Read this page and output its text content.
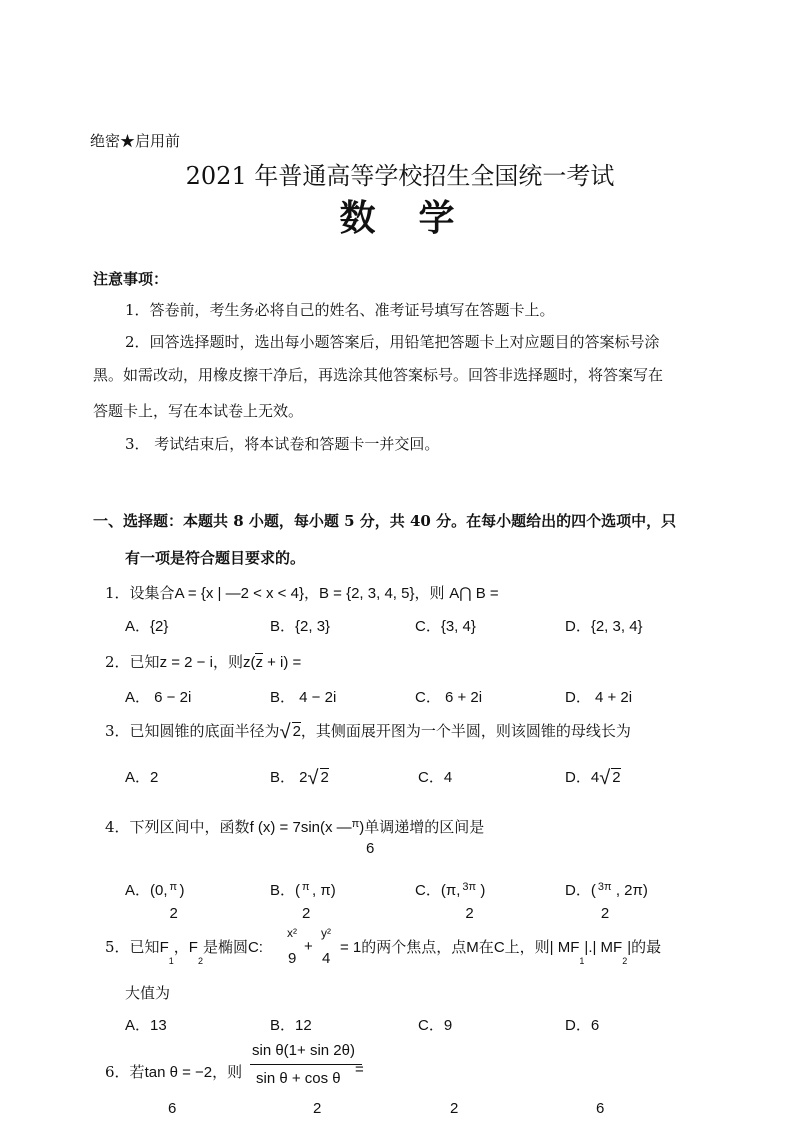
绝密★启用前
2021 年普通高等学校招生全国统一考试
数  学
注意事项：
1．答卷前，考生务必将自己的姓名、准考证号填写在答题卡上。
2．回答选择题时，选出每小题答案后，用铅笔把答题卡上对应题目的答案标号涂
黑。如需改动，用橡皮擦干净后，再选涂其他答案标号。回答非选择题时，将答案写在
答题卡上，写在本试卷上无效。
3． 考试结束后，将本试卷和答题卡一并交回。
一、选择题：本题共 8 小题，每小题 5 分，共 40 分。在每小题给出的四个选项中，只
有一项是符合题目要求的。
1．设集合A = {x | —2 < x < 4}，B = {2, 3, 4, 5}，则 A⋂ B =
A．{2}	B．{2, 3}	C．{3, 4}	D．{2, 3, 4}
2．已知z = 2 − i，则z(z + i) =
A． 6 − 2i	B． 4 − 2i	C． 6 + 2i	D． 4 + 2i
3．已知圆锥的底面半径为 √ 2，其侧面展开图为一个半圆，则该圆锥的母线长为
A．2	B． 2 √ 2	C．4	D．4 √ 2
4．下列区间中，函数f (x) = 7sin(x —$^\pi$)单调递增的区间是
6
A．(0, π
2
)	B．( π
2
, π)	C．(π, 3π
2
)	D．( 3π
2
, 2π)
5．已知$F_1$，$F_2$是椭圆C:
x²
9
+
y²
4
= 1的两个焦点，点M在C上，则| $MF_1|.|$ $MF_2|$的最
大值为
A．13	B．12	C．9	D．6
sin θ(1+ sin 2θ)
6．若tan θ = −2，则 sin θ + cos θ
=
6	2	2	6
